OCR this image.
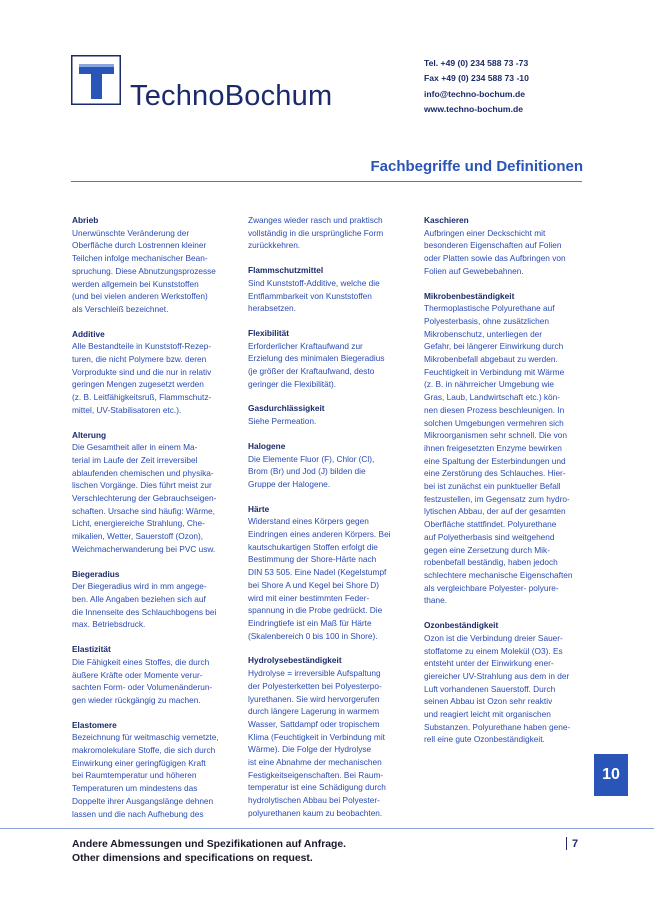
TechnoBochum
Tel. +49 (0) 234 588 73 -73
Fax +49 (0) 234 588 73 -10
info@techno-bochum.de
www.techno-bochum.de
Fachbegriffe und Definitionen
Abrieb
Unerwünschte Veränderung der
Oberfläche durch Lostrennen kleiner
Teilchen infolge mechanischer Bean-
spruchung. Diese Abnutzungsprozesse
werden allgemein bei Kunststoffen
(und bei vielen anderen Werkstoffen)
als Verschleiß bezeichnet.
Additive
Alle Bestandteile in Kunststoff-Rezep-
turen, die nicht Polymere bzw. deren
Vorprodukte sind und die nur in relativ
geringen Mengen zugesetzt werden
(z. B. Leitfähigkeitsruß, Flammschutz-
mittel, UV-Stabilisatoren etc.).
Alterung
Die Gesamtheit aller in einem Ma-
terial im Laufe der Zeit irreversibel
ablaufenden chemischen und physika-
lischen Vorgänge. Dies führt meist zur
Verschlechterung der Gebrauchseigen-
schaften. Ursache sind häufig: Wärme,
Licht, energiereiche Strahlung, Che-
mikalien, Wetter, Sauerstoff (Ozon),
Weichmacherwanderung bei PVC usw.
Biegeradius
Der Biegeradius wird in mm angege-
ben. Alle Angaben beziehen sich auf
die Innenseite des Schlauchbogens bei
max. Betriebsdruck.
Elastizität
Die Fähigkeit eines Stoffes, die durch
äußere Kräfte oder Momente verur-
sachten Form- oder Volumenänderun-
gen wieder rückgängig zu machen.
Elastomere
Bezeichnung für weitmaschig vernetzte,
makromolekulare Stoffe, die sich durch
Einwirkung einer geringfügigen Kraft
bei Raumtemperatur und höheren
Temperaturen um mindestens das
Doppelte ihrer Ausgangslänge dehnen
lassen und die nach Aufhebung des
Zwanges wieder rasch und praktisch
vollständig in die ursprüngliche Form
zurückkehren.
Flammschutzmittel
Sind Kunststoff-Additive, welche die
Entflammbarkeit von Kunststoffen
herabsetzen.
Flexibilität
Erforderlicher Kraftaufwand zur
Erzielung des minimalen Biegeradius
(je größer der Kraftaufwand, desto
geringer die Flexibilität).
Gasdurchlässigkeit
Siehe Permeation.
Halogene
Die Elemente Fluor (F), Chlor (Cl),
Brom (Br) und Jod (J) bilden die
Gruppe der Halogene.
Härte
Widerstand eines Körpers gegen
Eindringen eines anderen Körpers. Bei
kautschukartigen Stoffen erfolgt die
Bestimmung der Shore-Härte nach
DIN 53 505. Eine Nadel (Kegelstumpf
bei Shore A und Kegel bei Shore D)
wird mit einer bestimmten Feder-
spannung in die Probe gedrückt. Die
Eindringtiefe ist ein Maß für Härte
(Skalenbereich 0 bis 100 in Shore).
Hydrolysebeständigkeit
Hydrolyse = irreversible Aufspaltung
der Polyesterketten bei Polyesterpo-
lyurethanen. Sie wird hervorgerufen
durch längere Lagerung in warmem
Wasser, Sattdampf oder tropischem
Klima (Feuchtigkeit in Verbindung mit
Wärme). Die Folge der Hydrolyse
ist eine Abnahme der mechanischen
Festigkeitseigenschaften. Bei Raum-
temperatur ist eine Schädigung durch
hydrolytischen Abbau bei Polyester-
polyurethanen kaum zu beobachten.
Kaschieren
Aufbringen einer Deckschicht mit
besonderen Eigenschaften auf Folien
oder Platten sowie das Aufbringen von
Folien auf Gewebebahnen.
Mikrobenbeständigkeit
Thermoplastische Polyurethane auf
Polyesterbasis, ohne zusätzlichen
Mikrobenschutz, unterliegen der
Gefahr, bei längerer Einwirkung durch
Mikrobenbefall abgebaut zu werden.
Feuchtigkeit in Verbindung mit Wärme
(z. B. in nährreicher Umgebung wie
Gras, Laub, Landwirtschaft etc.) kön-
nen diesen Prozess beschleunigen. In
solchen Umgebungen vermehren sich
Mikroorganismen sehr schnell. Die von
ihnen freigesetzten Enzyme bewirken
eine Spaltung der Esterbindungen und
eine Zerstörung des Schlauches. Hier-
bei ist zunächst ein punktueller Befall
festzustellen, im Gegensatz zum hydro-
lytischen Abbau, der auf der gesamten
Oberfläche stattfindet. Polyurethane
auf Polyetherbasis sind weitgehend
gegen eine Zersetzung durch Mik-
robenbefall beständig, haben jedoch
schlechtere mechanische Eigenschaften
als vergleichbare Polyester- polyure-
thane.
Ozonbeständigkeit
Ozon ist die Verbindung dreier Sauer-
stoffatome zu einem Molekül (O3). Es
entsteht unter der Einwirkung ener-
giereicher UV-Strahlung aus dem in der
Luft vorhandenen Sauerstoff. Durch
seinen Abbau ist Ozon sehr reaktiv
und reagiert leicht mit organischen
Substanzen. Polyurethane haben gene-
rell eine gute Ozonbeständigkeit.
10
Andere Abmessungen und Spezifikationen auf Anfrage.
Other dimensions and specifications on request.
7
